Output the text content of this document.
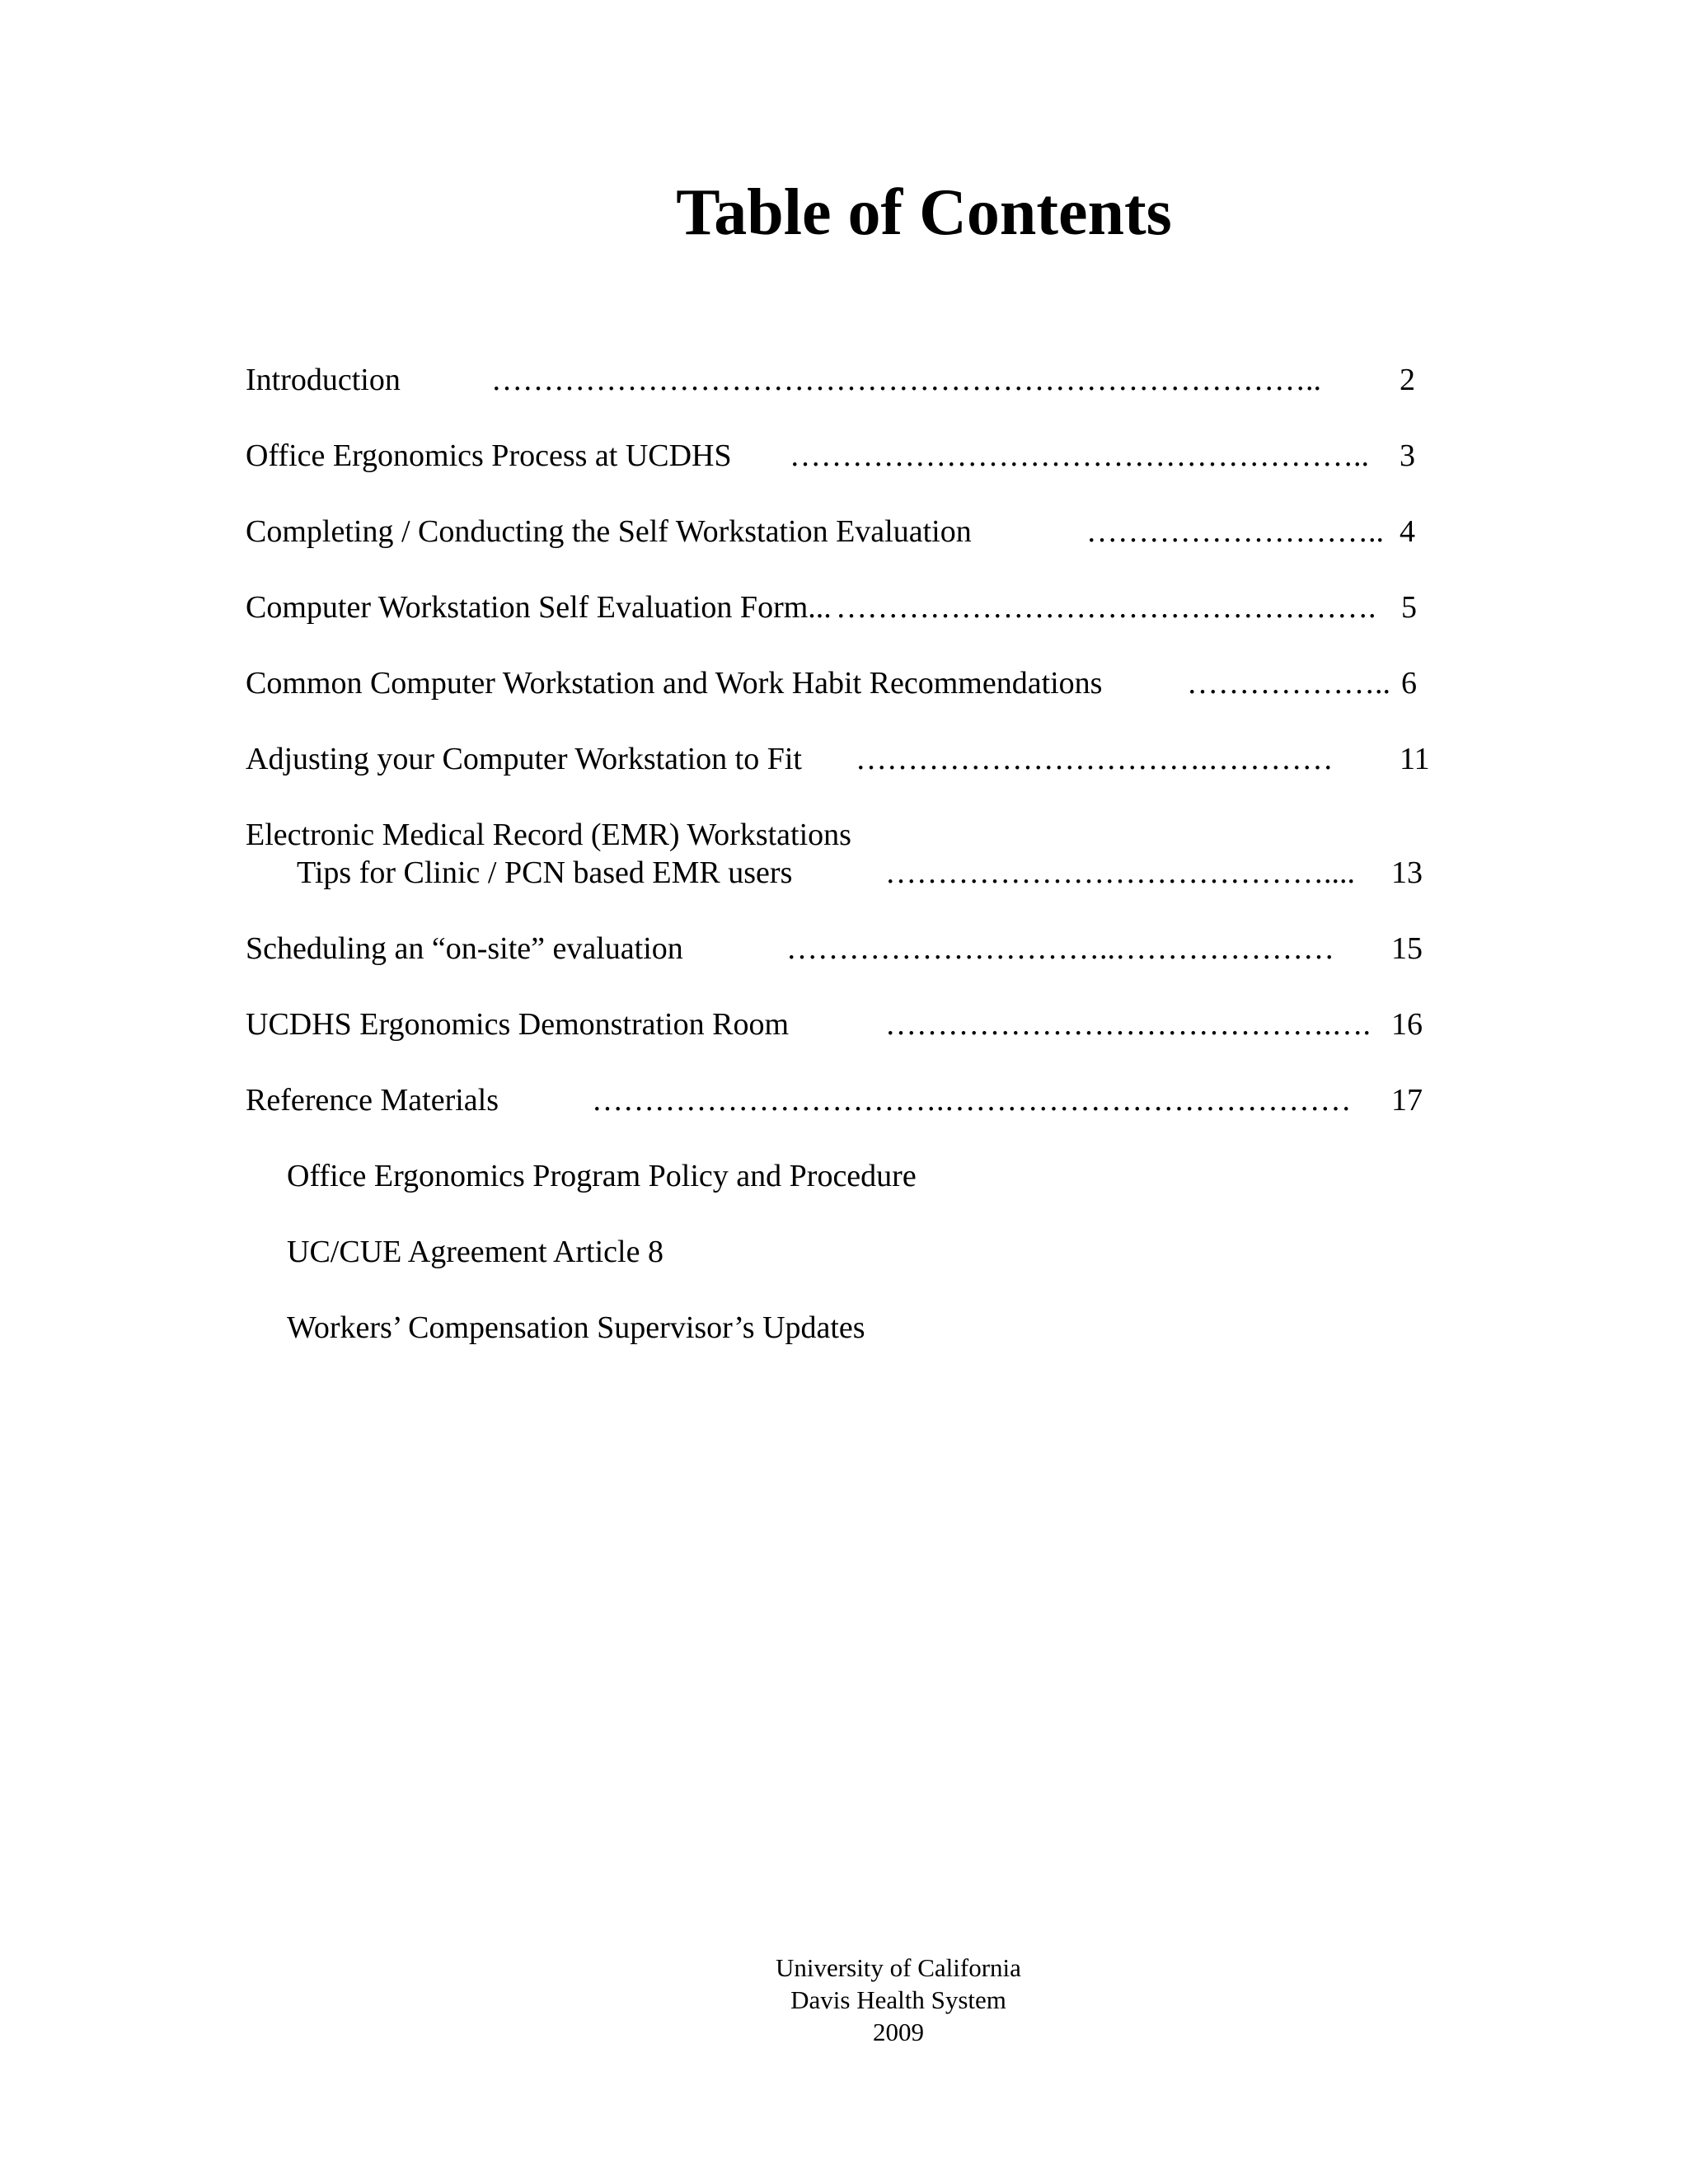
Table of Contents
Introduction	……………………………………………………………………..	2
Office Ergonomics Process at UCDHS ……………………………………………….. 3
Completing / Conducting the Self Workstation Evaluation	……………………….. 4
Computer Workstation Self Evaluation Form... ……………………………………………. 5
Common Computer Workstation and Work Habit Recommendations	……………….. 6
Adjusting your Computer Workstation to Fit …………………………….………… 11
Electronic Medical Record (EMR) Workstations
Tips for Clinic / PCN based EMR users	…………………………………….... 13
Scheduling an “on-site” evaluation	…………………………..………………… 15
UCDHS Ergonomics Demonstration Room	…………………………………….…. 16
Reference Materials	…………………………….………………………………… 17
Office Ergonomics Program Policy and Procedure
UC/CUE Agreement Article 8
Workers’ Compensation Supervisor’s Updates
University of California
Davis Health System
2009
